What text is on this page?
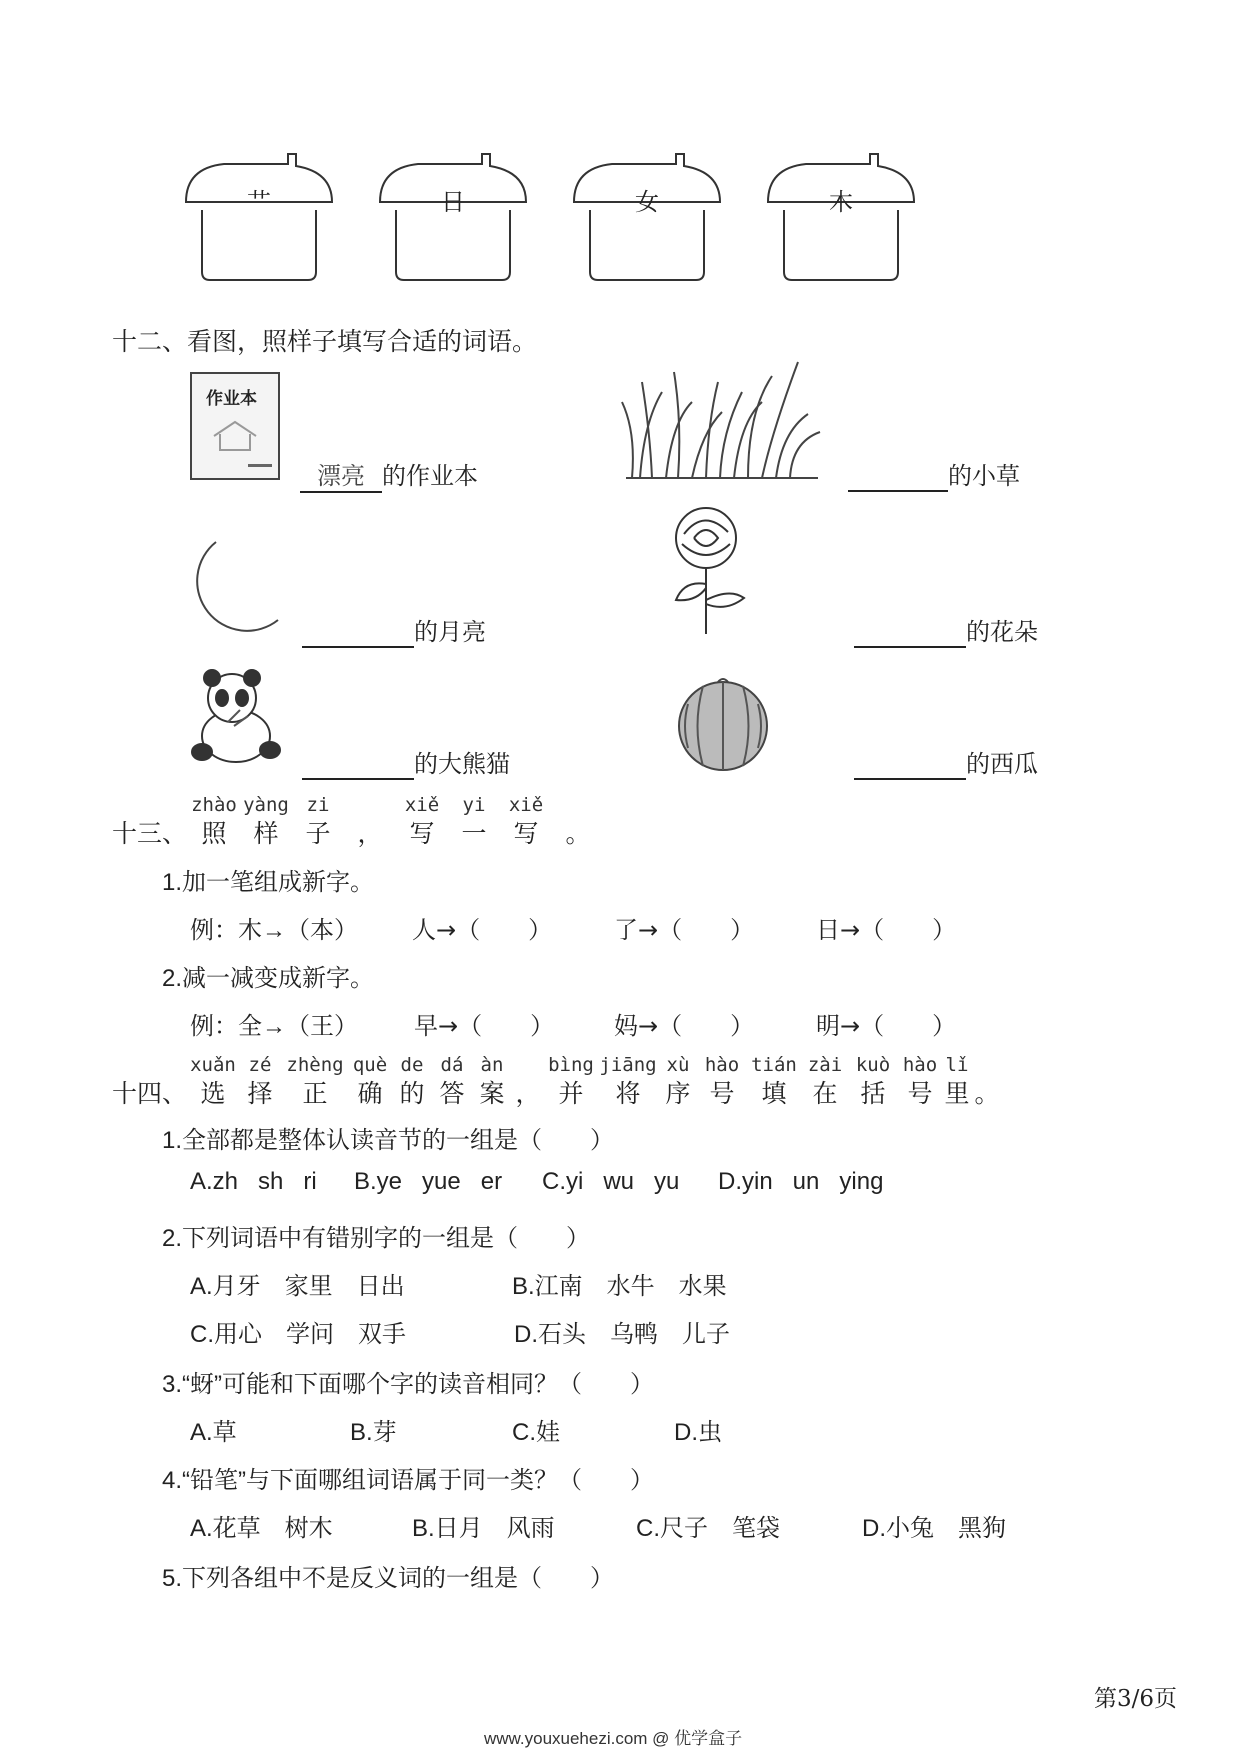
艹	日	女	木
十二、看图，照样子填写合适的词语。
作业本
漂亮 的作业本	的小草
的月亮	的花朵
的大熊猫	的西瓜
zhào yàng zi	xiě yi xiě
十三、 照 样 子 ， 写 一 写 。
1.加一笔组成新字。
例：木→（本） 人→（　　）	了→（　　）	日→（　　）
2.减一减变成新字。
例：全→（王） 早→（　　） 妈→（　　）	明→（　　）
xuǎn zé zhèng què de dá àn bìng jiāng xù hào tián zài kuò hào lǐ
十四、 选 择 正 确 的 答 案 ， 并 将 序 号 填 在 括 号 里 。
1.全部都是整体认读音节的一组是（　　）
A.zh   sh   ri B.ye   yue   er C.yi   wu   yu D.yin   un   ying
2.下列词语中有错别字的一组是（　　）
A.月牙　家里　日出	B.江南　水牛　水果
C.用心　学问　双手	D.石头　乌鸭　儿子
3.“蚜”可能和下面哪个字的读音相同？（　　）
A.草	B.芽	C.娃	D.虫
4.“铅笔”与下面哪组词语属于同一类？（　　）
A.花草　树木	B.日月　风雨	C.尺子　笔袋	D.小兔　黑狗
5.下列各组中不是反义词的一组是（　　）
第3/6页
www.youxuehezi.com @ 优学盒子
